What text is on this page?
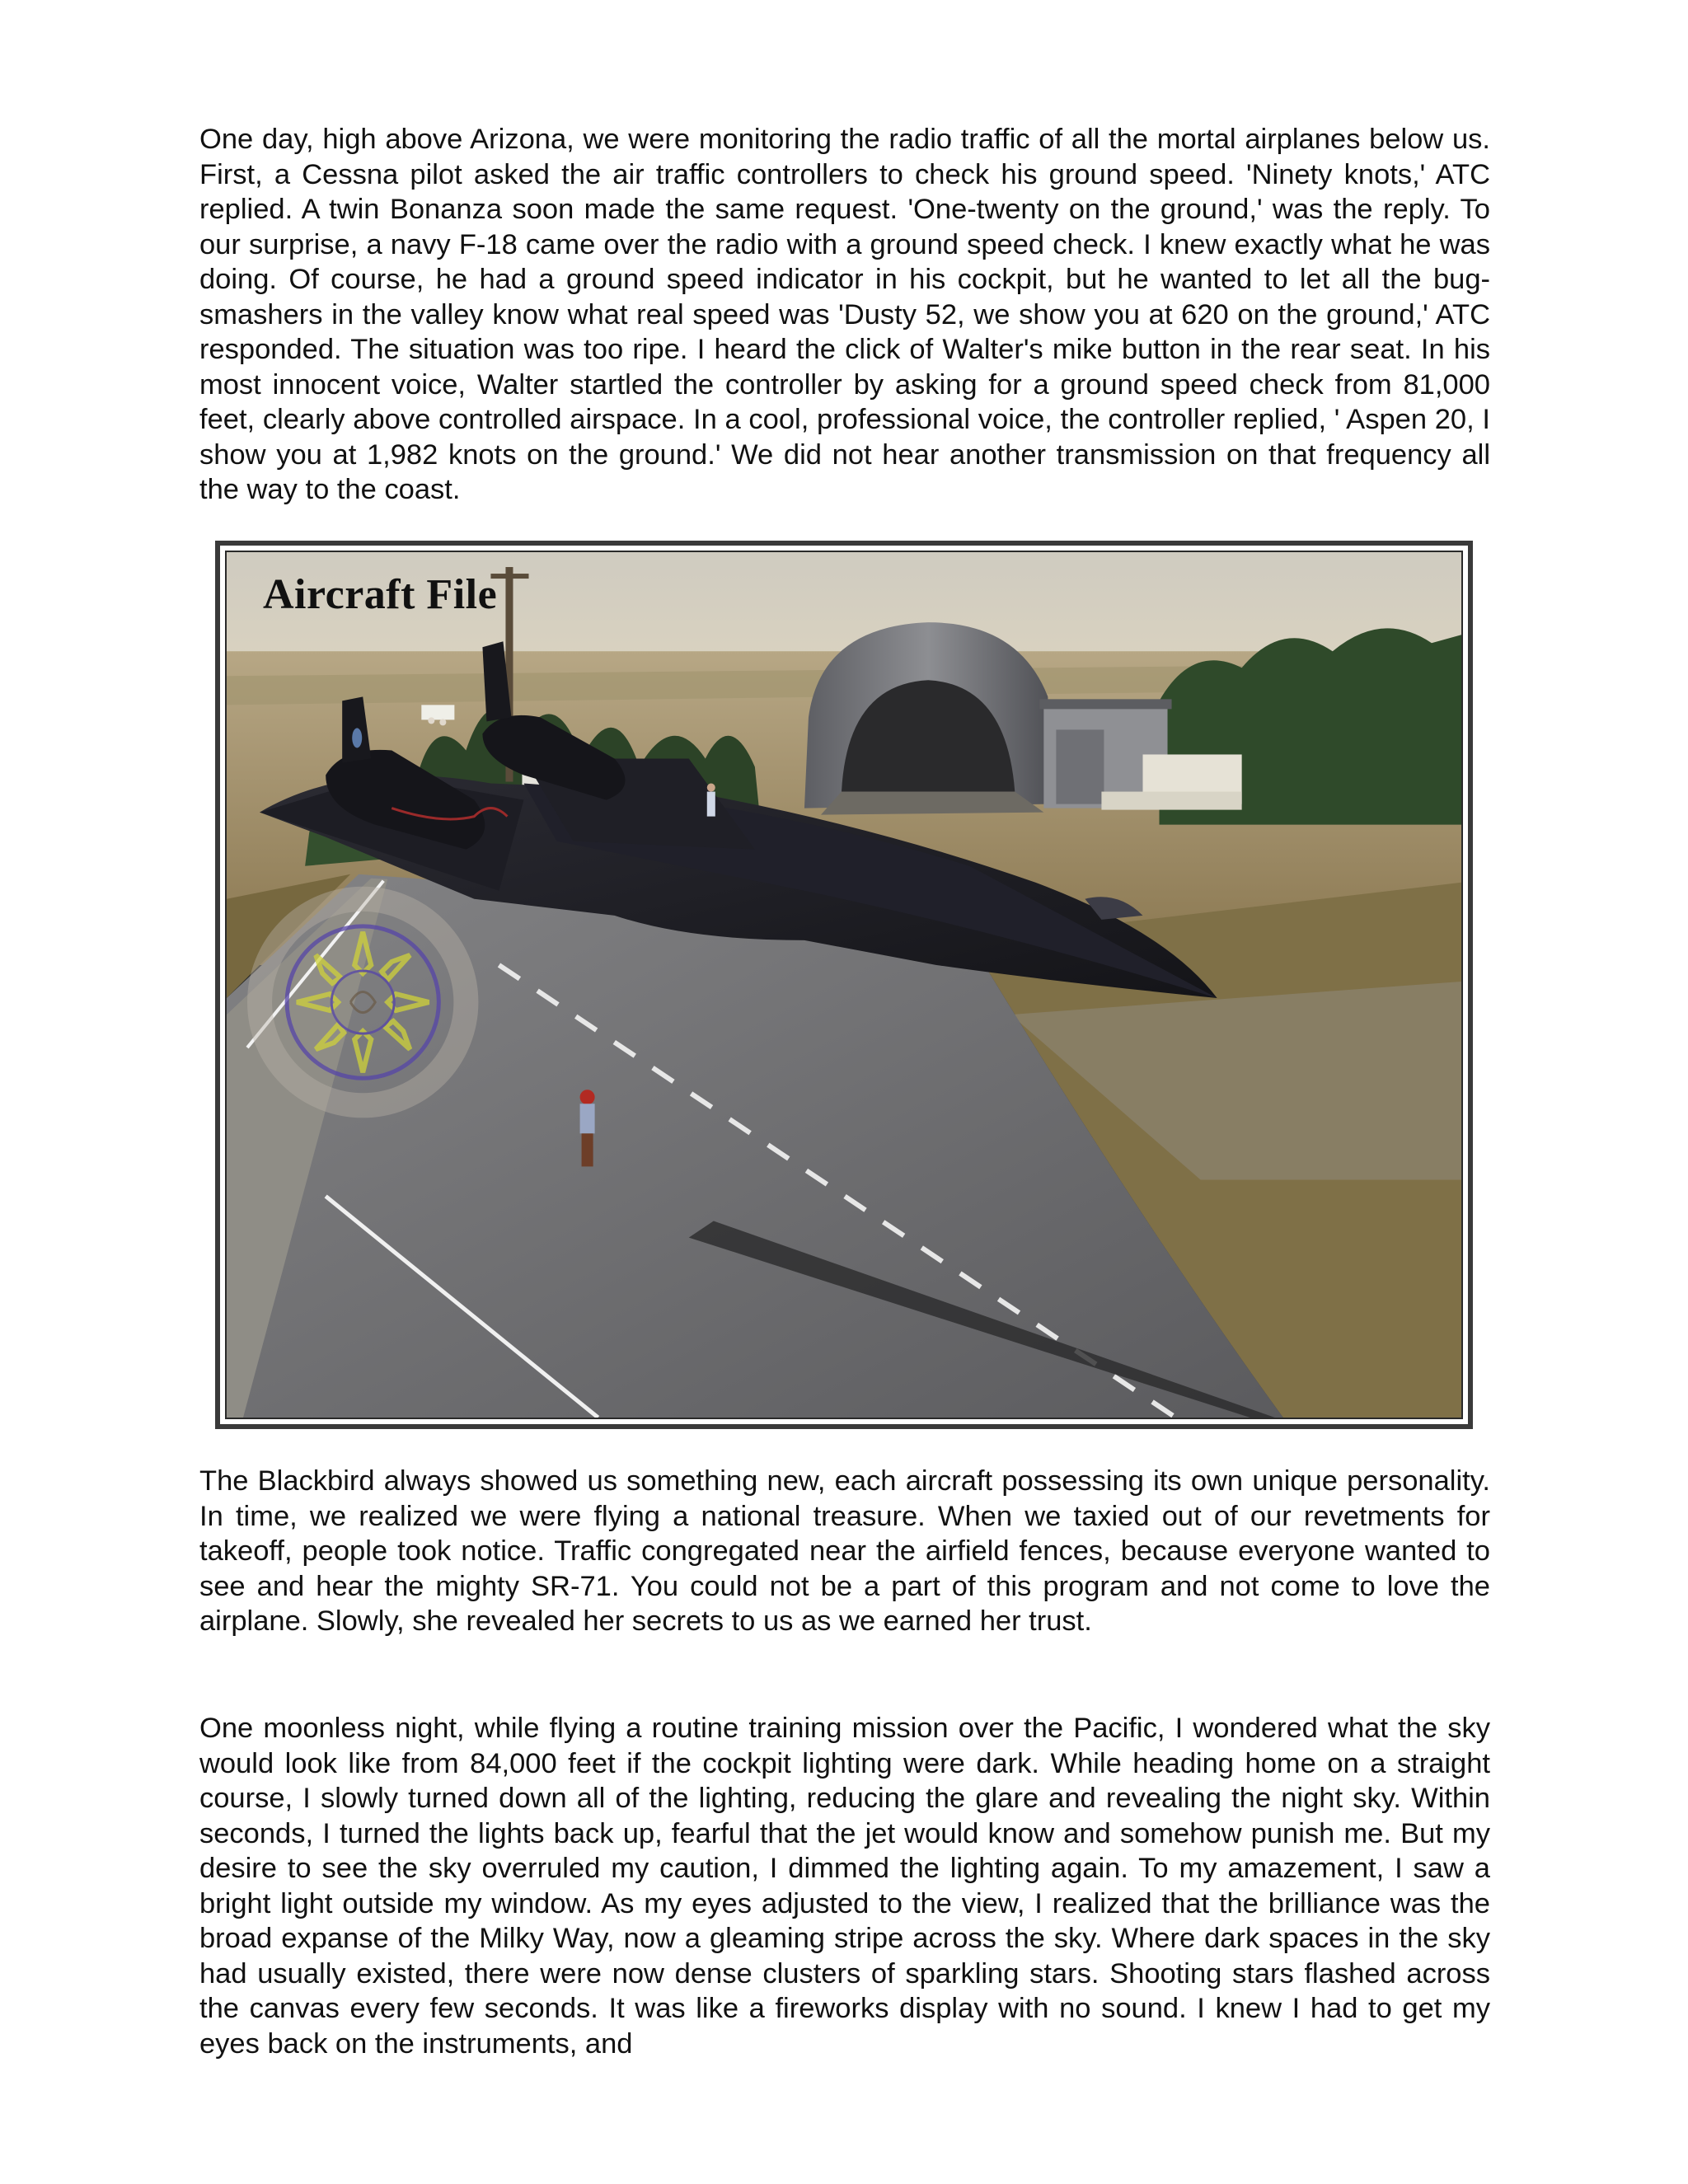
One day, high above Arizona, we were monitoring the radio traffic of all the mortal airplanes below us. First, a Cessna pilot asked the air traffic controllers to check his ground speed. 'Ninety knots,' ATC replied. A twin Bonanza soon made the same request. 'One-twenty on the ground,' was the reply. To our surprise, a navy F-18 came over the radio with a ground speed check. I knew exactly what he was doing. Of course, he had a ground speed indicator in his cockpit, but he wanted to let all the bug-smashers in the valley know what real speed was 'Dusty 52, we show you at 620 on the ground,' ATC responded. The situation was too ripe. I heard the click of Walter's mike button in the rear seat. In his most innocent voice, Walter startled the controller by asking for a ground speed check from 81,000 feet, clearly above controlled airspace. In a cool, professional voice, the controller replied, ' Aspen 20, I show you at 1,982 knots on the ground.' We did not hear another transmission on that frequency all the way to the coast.

Aircraft File

The Blackbird always showed us something new, each aircraft possessing its own unique personality. In time, we realized we were flying a national treasure. When we taxied out of our revetments for takeoff, people took notice. Traffic congregated near the airfield fences, because everyone wanted to see and hear the mighty SR-71. You could not be a part of this program and not come to love the airplane. Slowly, she revealed her secrets to us as we earned her trust.

One moonless night, while flying a routine training mission over the Pacific, I wondered what the sky would look like from 84,000 feet if the cockpit lighting were dark. While heading home on a straight course, I slowly turned down all of the lighting, reducing the glare and revealing the night sky. Within seconds, I turned the lights back up, fearful that the jet would know and somehow punish me. But my desire to see the sky overruled my caution, I dimmed the lighting again. To my amazement, I saw a bright light outside my window. As my eyes adjusted to the view, I realized that the brilliance was the broad expanse of the Milky Way, now a gleaming stripe across the sky. Where dark spaces in the sky had usually existed, there were now dense clusters of sparkling stars. Shooting stars flashed across the canvas every few seconds. It was like a fireworks display with no sound. I knew I had to get my eyes back on the instruments, and
